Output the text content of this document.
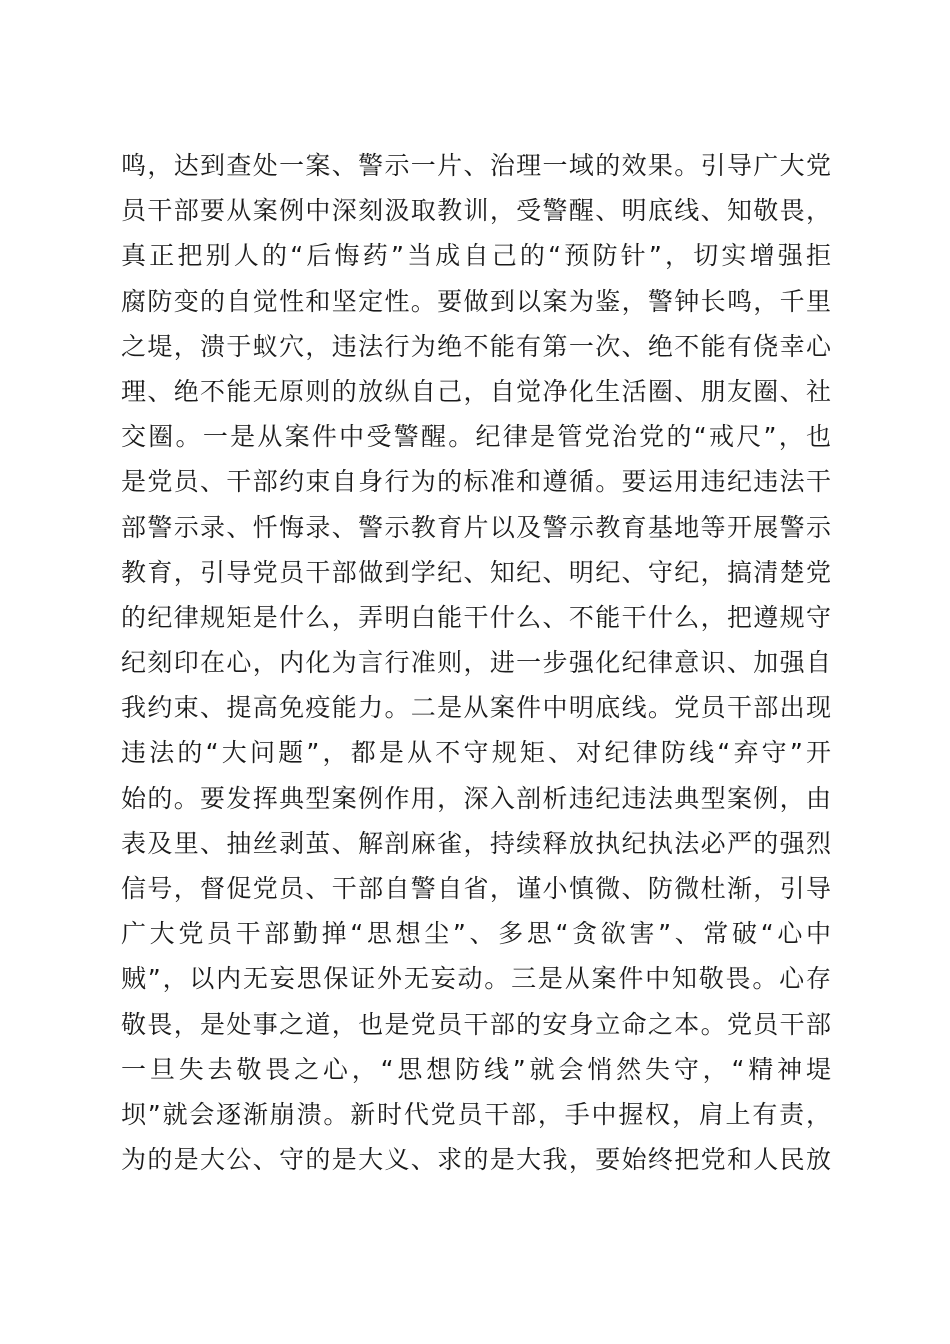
鸣，达到查处一案、警示一片、治理一域的效果。引导广大党
员干部要从案例中深刻汲取教训，受警醒、明底线、知敬畏，
真正把别人的“后悔药”当成自己的“预防针”，切实增强拒
腐防变的自觉性和坚定性。要做到以案为鉴，警钟长鸣，千里
之堤，溃于蚁穴，违法行为绝不能有第一次、绝不能有侥幸心
理、绝不能无原则的放纵自己，自觉净化生活圈、朋友圈、社
交圈。一是从案件中受警醒。纪律是管党治党的“戒尺”，也
是党员、干部约束自身行为的标准和遵循。要运用违纪违法干
部警示录、忏悔录、警示教育片以及警示教育基地等开展警示
教育，引导党员干部做到学纪、知纪、明纪、守纪，搞清楚党
的纪律规矩是什么，弄明白能干什么、不能干什么，把遵规守
纪刻印在心，内化为言行准则，进一步强化纪律意识、加强自
我约束、提高免疫能力。二是从案件中明底线。党员干部出现
违法的“大问题”，都是从不守规矩、对纪律防线“弃守”开
始的。要发挥典型案例作用，深入剖析违纪违法典型案例，由
表及里、抽丝剥茧、解剖麻雀，持续释放执纪执法必严的强烈
信号，督促党员、干部自警自省，谨小慎微、防微杜渐，引导
广大党员干部勤掸“思想尘”、多思“贪欲害”、常破“心中
贼”，以内无妄思保证外无妄动。三是从案件中知敬畏。心存
敬畏，是处事之道，也是党员干部的安身立命之本。党员干部
一旦失去敬畏之心，“思想防线”就会悄然失守，“精神堤
坝”就会逐渐崩溃。新时代党员干部，手中握权，肩上有责，
为的是大公、守的是大义、求的是大我，要始终把党和人民放
